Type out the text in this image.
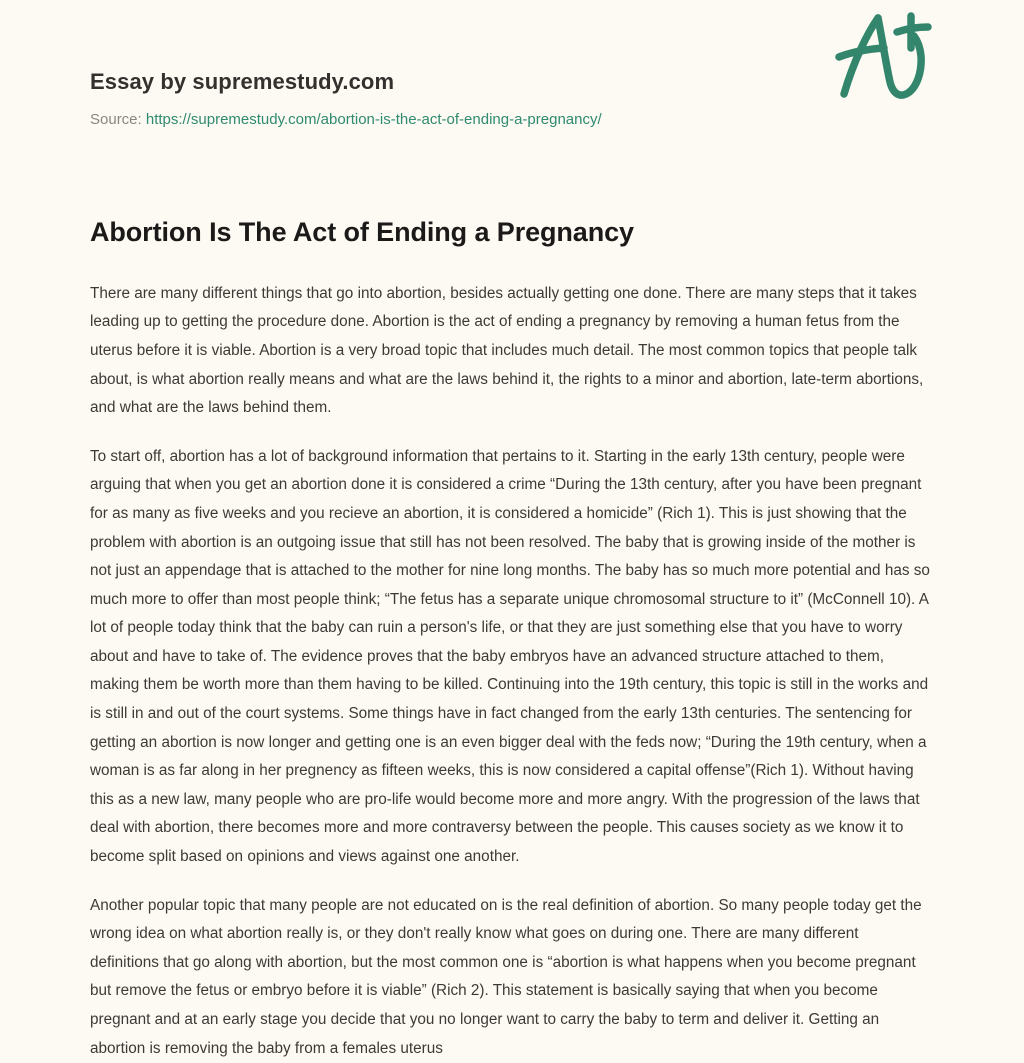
Essay by supremestudy.com
Source: https://supremestudy.com/abortion-is-the-act-of-ending-a-pregnancy/
Abortion Is The Act of Ending a Pregnancy

There are many different things that go into abortion, besides actually getting one done. There are many steps that it takes leading up to getting the procedure done. Abortion is the act of ending a pregnancy by removing a human fetus from the uterus before it is viable. Abortion is a very broad topic that includes much detail. The most common topics that people talk about, is what abortion really means and what are the laws behind it, the rights to a minor and abortion, late-term abortions, and what are the laws behind them.

To start off, abortion has a lot of background information that pertains to it. Starting in the early 13th century, people were arguing that when you get an abortion done it is considered a crime “During the 13th century, after you have been pregnant for as many as five weeks and you recieve an abortion, it is considered a homicide” (Rich 1). This is just showing that the problem with abortion is an outgoing issue that still has not been resolved. The baby that is growing inside of the mother is not just an appendage that is attached to the mother for nine long months. The baby has so much more potential and has so much more to offer than most people think; “The fetus has a separate unique chromosomal structure to it” (McConnell 10). A lot of people today think that the baby can ruin a person's life, or that they are just something else that you have to worry about and have to take of. The evidence proves that the baby embryos have an advanced structure attached to them, making them be worth more than them having to be killed. Continuing into the 19th century, this topic is still in the works and is still in and out of the court systems. Some things have in fact changed from the early 13th centuries. The sentencing for getting an abortion is now longer and getting one is an even bigger deal with the feds now; “During the 19th century, when a woman is as far along in her pregnency as fifteen weeks, this is now considered a capital offense”(Rich 1). Without having this as a new law, many people who are pro-life would become more and more angry. With the progression of the laws that deal with abortion, there becomes more and more contraversy between the people. This causes society as we know it to become split based on opinions and views against one another.

Another popular topic that many people are not educated on is the real definition of abortion. So many people today get the wrong idea on what abortion really is, or they don't really know what goes on during one. There are many different definitions that go along with abortion, but the most common one is “abortion is what happens when you become pregnant but remove the fetus or embryo before it is viable” (Rich 2). This statement is basically saying that when you become pregnant and at an early stage you decide that you no longer want to carry the baby to term and deliver it. Getting an abortion is removing the baby from a females uterus
